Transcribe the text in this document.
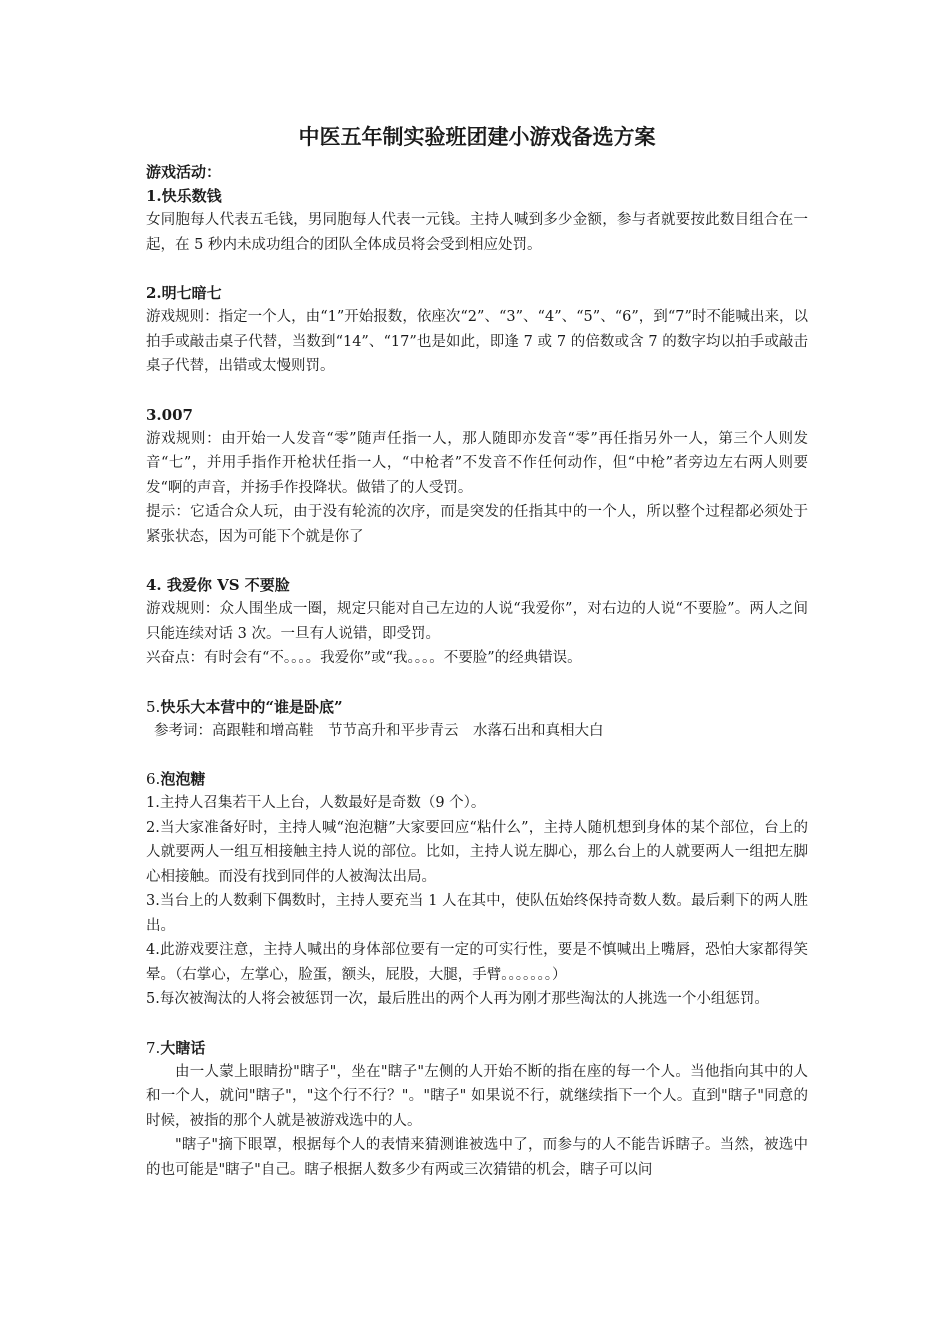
中医五年制实验班团建小游戏备选方案
游戏活动：
1.快乐数钱

女同胞每人代表五毛钱，男同胞每人代表一元钱。主持人喊到多少金额，参与者就要按此数目组合在一起，在 5 秒内未成功组合的团队全体成员将会受到相应处罚。

2.明七暗七

游戏规则：指定一个人，由“1”开始报数，依座次“2”、“3”、“4”、“5”、“6”，到“7”时不能喊出来，以拍手或敲击桌子代替，当数到“14”、“17”也是如此，即逢 7 或 7 的倍数或含 7 的数字均以拍手或敲击桌子代替，出错或太慢则罚。

3.007

游戏规则：由开始一人发音“零”随声任指一人，那人随即亦发音“零”再任指另外一人，第三个人则发 音“七”，并用手指作开枪状任指一人，“中枪者”不发音不作任何动作，但“中枪”者旁边左右两人则要发“啊的声音，并扬手作投降状。做错了的人受罚。

提示：它适合众人玩，由于没有轮流的次序，而是突发的任指其中的一个人，所以整个过程都必须处于紧张状态，因为可能下个就是你了

4. 我爱你 VS 不要脸

游戏规则：众人围坐成一圈，规定只能对自己左边的人说“我爱你”，对右边的人说“不要脸”。两人之间只能连续对话 3 次。一旦有人说错，即受罚。

兴奋点：有时会有“不。。。。我爱你”或“我。。。。不要脸”的经典错误。

5.快乐大本营中的“谁是卧底”

参考词：高跟鞋和增高鞋　节节高升和平步青云　水落石出和真相大白

6.泡泡糖

1.主持人召集若干人上台，人数最好是奇数（9 个）。

2.当大家准备好时，主持人喊“泡泡糖”大家要回应“粘什么”，主持人随机想到身体的某个部位，台上的人就要两人一组互相接触主持人说的部位。比如，主持人说左脚心，那么台上的人就要两人一组把左脚心相接触。而没有找到同伴的人被淘汰出局。

3.当台上的人数剩下偶数时，主持人要充当 1 人在其中，使队伍始终保持奇数人数。最后剩下的两人胜出。

4.此游戏要注意，主持人喊出的身体部位要有一定的可实行性，要是不慎喊出上嘴唇，恐怕大家都得笑晕。（右掌心，左掌心，脸蛋，额头，屁股，大腿，手臂。。。。。。。）

5.每次被淘汰的人将会被惩罚一次，最后胜出的两个人再为刚才那些淘汰的人挑选一个小组惩罚。

7.大瞎话

由一人蒙上眼睛扮"瞎子"，坐在"瞎子"左侧的人开始不断的指在座的每一个人。当他指向其中的人和一个人，就问"瞎子"，"这个行不行？"。"瞎子" 如果说不行，就继续指下一个人。直到"瞎子"同意的时候，被指的那个人就是被游戏选中的人。

"瞎子"摘下眼罩，根据每个人的表情来猜测谁被选中了，而参与的人不能告诉瞎子。当然，被选中的也可能是"瞎子"自己。瞎子根据人数多少有两或三次猜错的机会，瞎子可以问
